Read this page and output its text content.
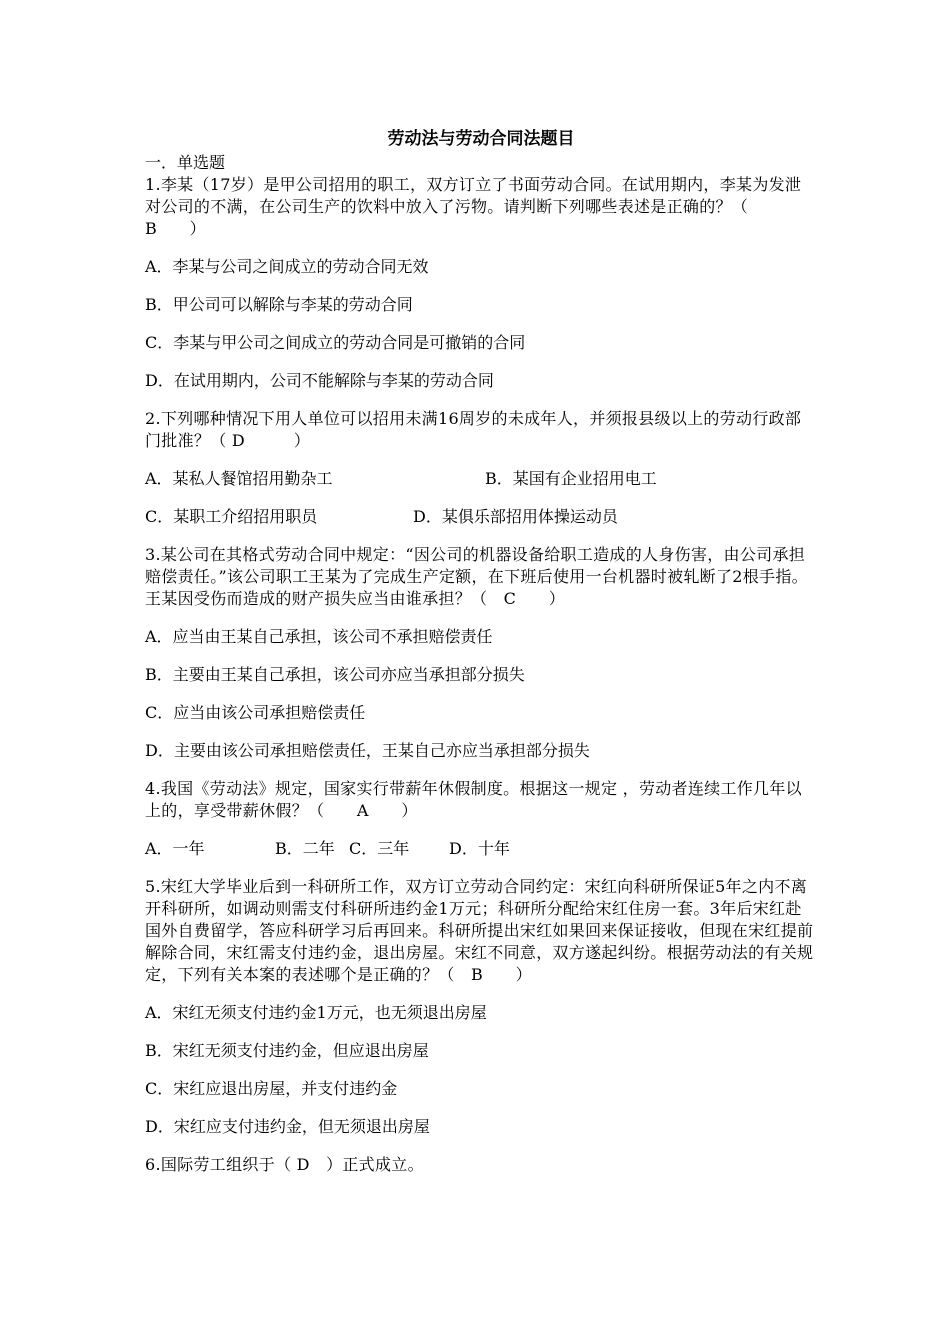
劳动法与劳动合同法题目

一．单选题

1.李某（17岁）是甲公司招用的职工，双方订立了书面劳动合同。在试用期内，李某为发泄对公司的不满，在公司生产的饮料中放入了污物。请判断下列哪些表述是正确的？（　B　　）

A．李某与公司之间成立的劳动合同无效

B．甲公司可以解除与李某的劳动合同

C．李某与甲公司之间成立的劳动合同是可撤销的合同

D．在试用期内，公司不能解除与李某的劳动合同

2.下列哪种情况下用人单位可以招用未满16周岁的未成年人，并须报县级以上的劳动行政部门批准？（ D　　　）

A．某私人餐馆招用勤杂工	B．某国有企业招用电工
C．某职工介绍招用职员	D．某俱乐部招用体操运动员

3.某公司在其格式劳动合同中规定：“因公司的机器设备给职工造成的人身伤害，由公司承担赔偿责任。”该公司职工王某为了完成生产定额，在下班后使用一台机器时被轧断了2根手指。王某因受伤而造成的财产损失应当由谁承担？（　C　　）

A．应当由王某自己承担，该公司不承担赔偿责任

B．主要由王某自己承担，该公司亦应当承担部分损失

C．应当由该公司承担赔偿责任

D．主要由该公司承担赔偿责任，王某自己亦应当承担部分损失

4.我国《劳动法》规定，国家实行带薪年休假制度。根据这一规定 ，劳动者连续工作几年以上的，享受带薪休假？（　　A　　）

A．一年	B．二年 C．三年	D．十年

5.宋红大学毕业后到一科研所工作，双方订立劳动合同约定：宋红向科研所保证5年之内不离开科研所，如调动则需支付科研所违约金1万元；科研所分配给宋红住房一套。3年后宋红赴国外自费留学，答应科研学习后再回来。科研所提出宋红如果回来保证接收，但现在宋红提前解除合同，宋红需支付违约金，退出房屋。宋红不同意，双方遂起纠纷。根据劳动法的有关规定，下列有关本案的表述哪个是正确的？（　B　　）

A．宋红无须支付违约金1万元，也无须退出房屋

B．宋红无须支付违约金，但应退出房屋

C．宋红应退出房屋，并支付违约金

D．宋红应支付违约金，但无须退出房屋

6.国际劳工组织于（ D　）正式成立。
